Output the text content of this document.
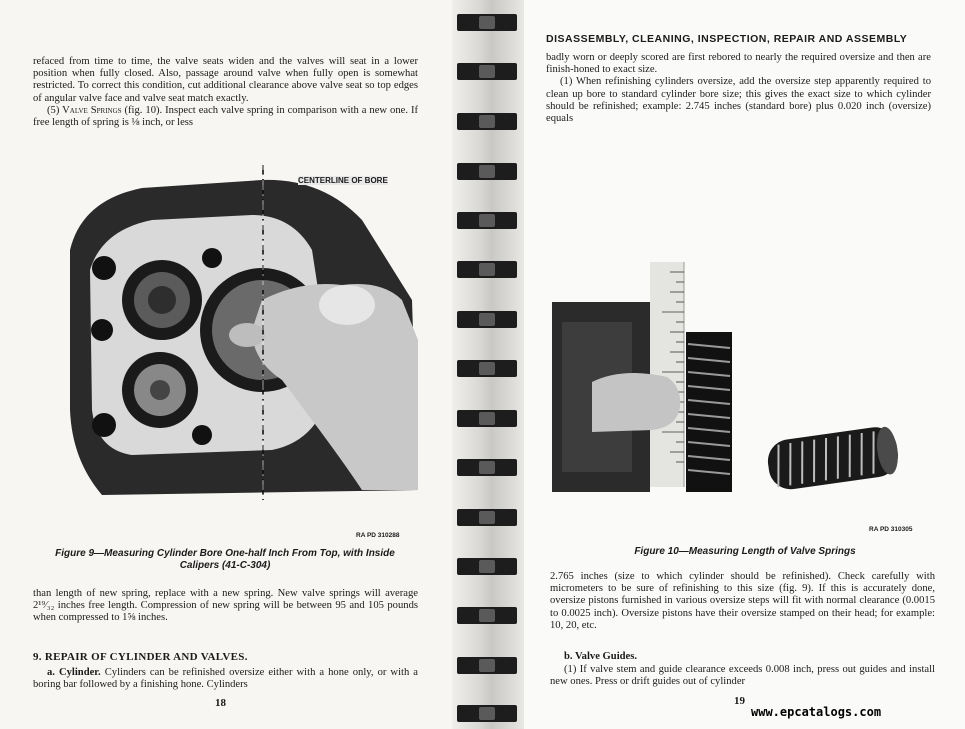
refaced from time to time, the valve seats widen and the valves will seat in a lower position when fully closed. Also, passage around valve when fully open is somewhat restricted. To correct this condition, cut additional clearance above valve seat so top edges of angular valve face and valve seat match exactly.

(5) Valve Springs (fig. 10). Inspect each valve spring in comparison with a new one. If free length of spring is ⅛ inch, or less

CENTERLINE OF BORE
RA PD 310288
Figure 9—Measuring Cylinder Bore One-half Inch From Top, with Inside Calipers (41-C-304)
than length of new spring, replace with a new spring. New valve springs will average 2¹⁹⁄₃₂ inches free length. Compression of new spring will be between 95 and 105 pounds when compressed to 1⅝ inches.
9. REPAIR OF CYLINDER AND VALVES.

a. Cylinder. Cylinders can be refinished oversize either with a hone only, or with a boring bar followed by a finishing hone. Cylinders

18
DISASSEMBLY, CLEANING, INSPECTION, REPAIR AND ASSEMBLY

badly worn or deeply scored are first rebored to nearly the required oversize and then are finish-honed to exact size.

(1) When refinishing cylinders oversize, add the oversize step apparently required to clean up bore to standard cylinder bore size; this gives the exact size to which cylinder should be refinished; example: 2.745 inches (standard bore) plus 0.020 inch (oversize) equals

RA PD 310305
Figure 10—Measuring Length of Valve Springs
2.765 inches (size to which cylinder should be refinished). Check carefully with micrometers to be sure of refinishing to this size (fig. 9). If this is accurately done, oversize pistons furnished in various oversize steps will fit with normal clearance (0.0015 to 0.0025 inch). Oversize pistons have their oversize stamped on their head; for example: 10, 20, etc.

b. Valve Guides.

(1) If valve stem and guide clearance exceeds 0.008 inch, press out guides and install new ones. Press or drift guides out of cylinder

19
www.epcatalogs.com
